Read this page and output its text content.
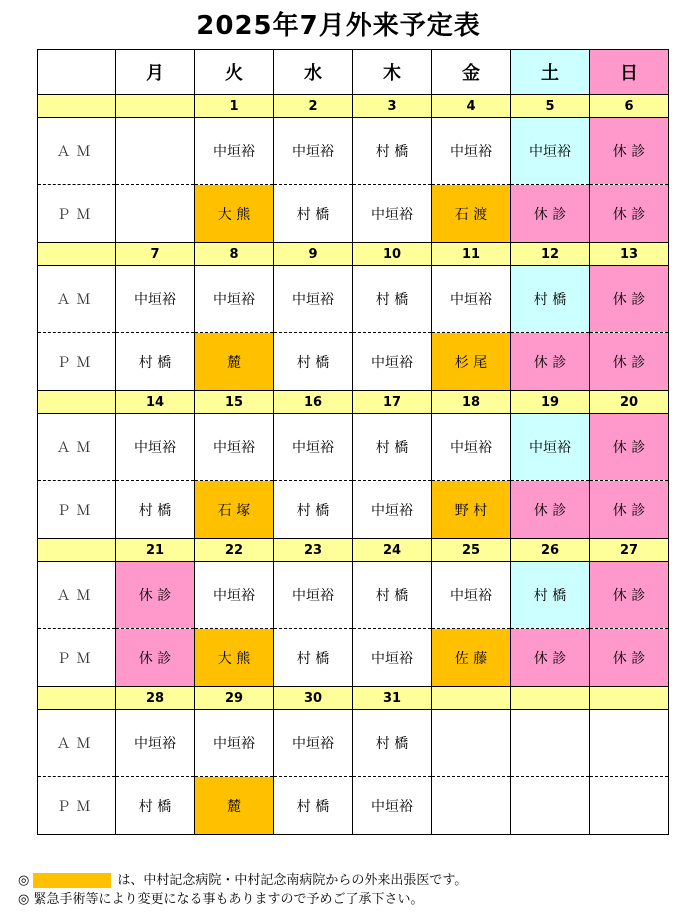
2025年7月外来予定表
	月	火	水	木	金	土	日
		1	2	3	4	5	6
ＡＭ		中垣裕	中垣裕	村 橋	中垣裕	中垣裕	休 診
ＰＭ		大 熊	村 橋	中垣裕	石 渡	休 診	休 診
	7	8	9	10	11	12	13
ＡＭ	中垣裕	中垣裕	中垣裕	村 橋	中垣裕	村 橋	休 診
ＰＭ	村 橋	麓	村 橋	中垣裕	杉 尾	休 診	休 診
	14	15	16	17	18	19	20
ＡＭ	中垣裕	中垣裕	中垣裕	村 橋	中垣裕	中垣裕	休 診
ＰＭ	村 橋	石 塚	村 橋	中垣裕	野 村	休 診	休 診
	21	22	23	24	25	26	27
ＡＭ	休 診	中垣裕	中垣裕	村 橋	中垣裕	村 橋	休 診
ＰＭ	休 診	大 熊	村 橋	中垣裕	佐 藤	休 診	休 診
	28	29	30	31			
ＡＭ	中垣裕	中垣裕	中垣裕	村 橋			
ＰＭ	村 橋	麓	村 橋	中垣裕			
◎	は、中村記念病院・中村記念南病院からの外来出張医です。
◎ 緊急手術等により変更になる事もありますので予めご了承下さい。
